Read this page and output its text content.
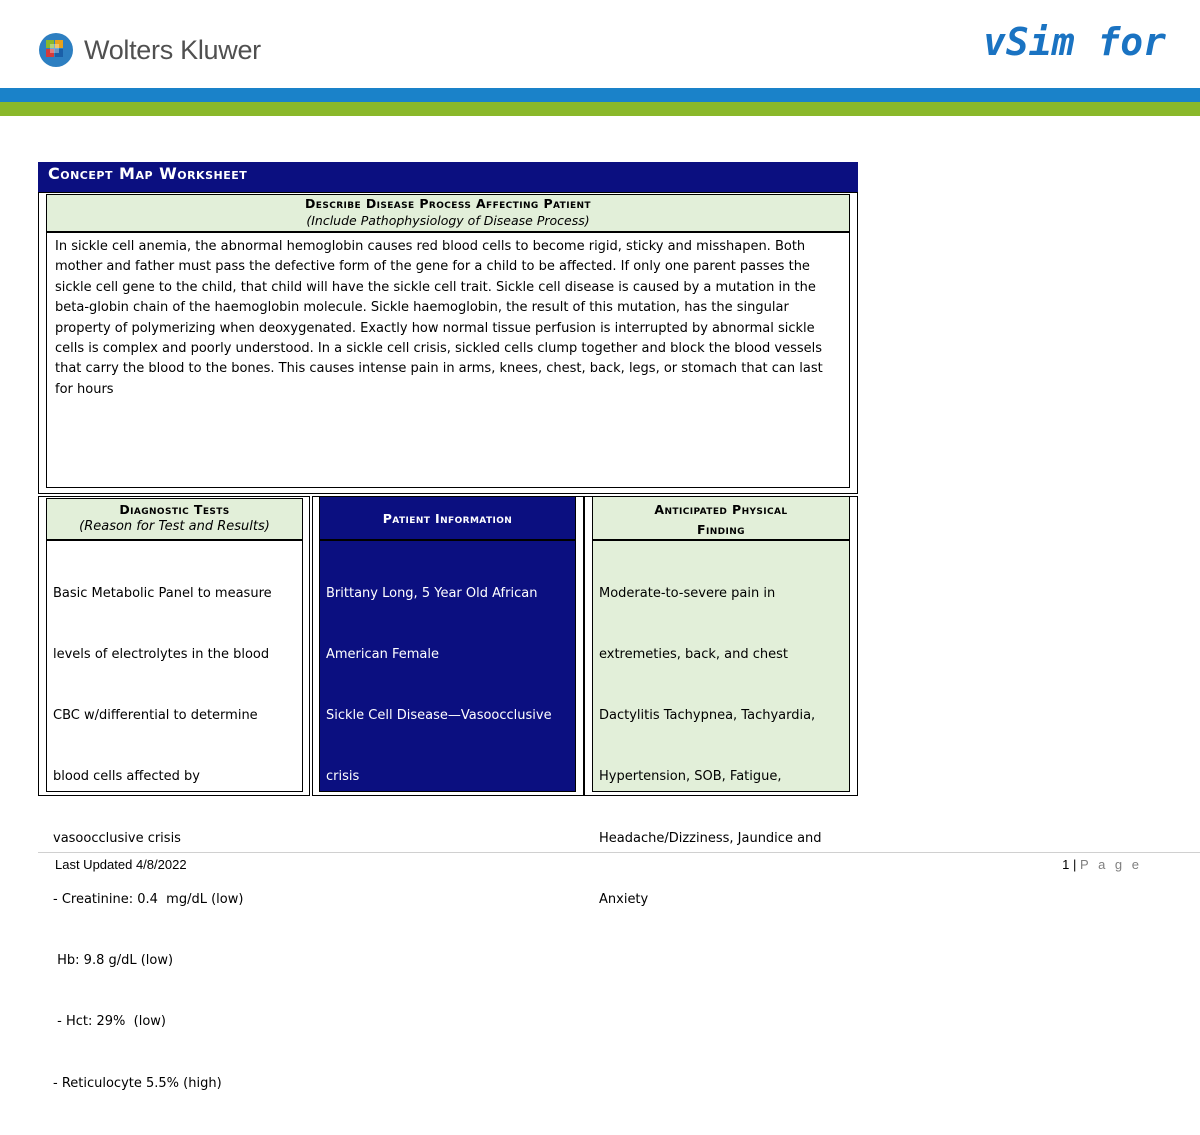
Wolters Kluwer	vSim for
Concept Map Worksheet
Describe Disease Process Affecting Patient
(Include Pathophysiology of Disease Process)
In sickle cell anemia, the abnormal hemoglobin causes red blood cells to become rigid, sticky and misshapen. Both mother and father must pass the defective form of the gene for a child to be affected. If only one parent passes the sickle cell gene to the child, that child will have the sickle cell trait. Sickle cell disease is caused by a mutation in the beta-globin chain of the haemoglobin molecule. Sickle haemoglobin, the result of this mutation, has the singular property of polymerizing when deoxygenated. Exactly how normal tissue perfusion is interrupted by abnormal sickle cells is complex and poorly understood. In a sickle cell crisis, sickled cells clump together and block the blood vessels that carry the blood to the bones. This causes intense pain in arms, knees, chest, back, legs, or stomach that can last for hours
Diagnostic Tests
(Reason for Test and Results)

Basic Metabolic Panel to measure

levels of electrolytes in the blood

CBC w/differential to determine

blood cells affected by

vasoocclusive crisis

- Creatinine: 0.4  mg/dL (low)

Hb: 9.8 g/dL (low)

- Hct: 29%  (low)

- Reticulocyte 5.5% (high)

Patient Information

Brittany Long, 5 Year Old African

American Female

Sickle Cell Disease—Vasoocclusive

crisis

Height:  116 cm

Weight: 16 kg

Full Code

Standard Precautions NKA

Anticipated Physical
Finding

Moderate-to-severe pain in

extremeties, back, and chest

Dactylitis Tachypnea, Tachyardia,

Hypertension, SOB, Fatigue,

Headache/Dizziness, Jaundice and

Anxiety

Last Updated 4/8/2022	1 | P a g e
